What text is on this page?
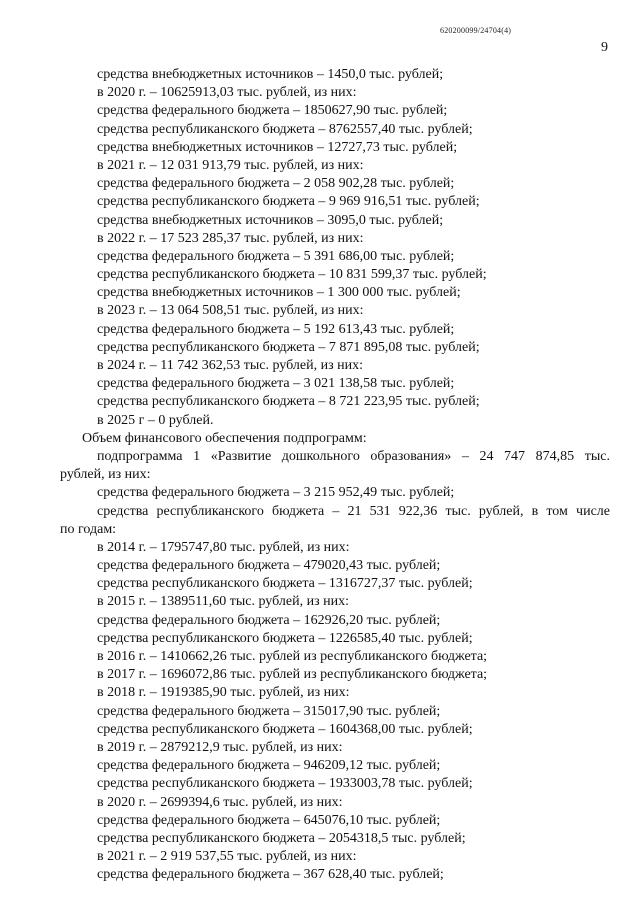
620200099/24704(4)
9
средства внебюджетных источников – 1450,0 тыс. рублей;
в 2020 г. – 10625913,03 тыс. рублей, из них:
средства федерального бюджета – 1850627,90 тыс. рублей;
средства республиканского бюджета – 8762557,40 тыс. рублей;
средства внебюджетных источников – 12727,73 тыс. рублей;
в 2021 г. – 12 031 913,79 тыс. рублей, из них:
средства федерального бюджета – 2 058 902,28 тыс. рублей;
средства республиканского бюджета – 9 969 916,51 тыс. рублей;
средства внебюджетных источников – 3095,0 тыс. рублей;
в 2022 г. – 17 523 285,37 тыс. рублей, из них:
средства федерального бюджета – 5 391 686,00 тыс. рублей;
средства республиканского бюджета – 10 831 599,37 тыс. рублей;
средства внебюджетных источников – 1 300 000 тыс. рублей;
в 2023 г. – 13 064 508,51 тыс. рублей, из них:
средства федерального бюджета – 5 192 613,43 тыс. рублей;
средства республиканского бюджета – 7 871 895,08 тыс. рублей;
в 2024 г. – 11 742 362,53 тыс. рублей, из них:
средства федерального бюджета – 3 021 138,58 тыс. рублей;
средства республиканского бюджета – 8 721 223,95 тыс. рублей;
в 2025 г – 0 рублей.
Объем финансового обеспечения подпрограмм:
подпрограмма 1 «Развитие дошкольного образования» – 24 747 874,85 тыс.
рублей, из них:
средства федерального бюджета – 3 215 952,49 тыс. рублей;
средства республиканского бюджета – 21 531 922,36 тыс. рублей, в том числе
по годам:
в 2014 г. – 1795747,80 тыс. рублей, из них:
средства федерального бюджета – 479020,43 тыс. рублей;
средства республиканского бюджета – 1316727,37 тыс. рублей;
в 2015 г. – 1389511,60 тыс. рублей, из них:
средства федерального бюджета – 162926,20 тыс. рублей;
средства республиканского бюджета – 1226585,40 тыс. рублей;
в 2016 г. – 1410662,26 тыс. рублей из республиканского бюджета;
в 2017 г. – 1696072,86 тыс. рублей из республиканского бюджета;
в 2018 г. – 1919385,90 тыс. рублей, из них:
средства федерального бюджета – 315017,90 тыс. рублей;
средства республиканского бюджета – 1604368,00 тыс. рублей;
в 2019 г. – 2879212,9 тыс. рублей, из них:
средства федерального бюджета – 946209,12 тыс. рублей;
средства республиканского бюджета – 1933003,78 тыс. рублей;
в 2020 г. – 2699394,6 тыс. рублей, из них:
средства федерального бюджета – 645076,10 тыс. рублей;
средства республиканского бюджета – 2054318,5 тыс. рублей;
в 2021 г. – 2 919 537,55 тыс. рублей, из них:
средства федерального бюджета – 367 628,40 тыс. рублей;
